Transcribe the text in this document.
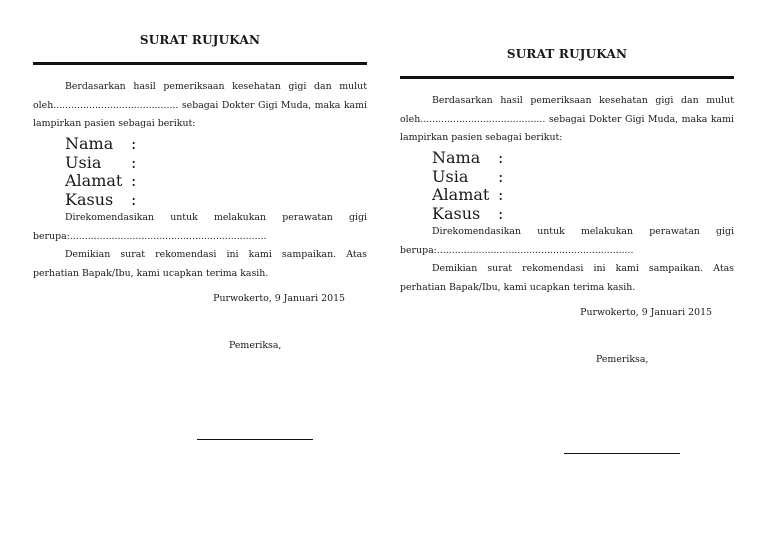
SURAT RUJUKAN
Berdasarkan hasil pemeriksaan kesehatan gigi dan mulut oleh.......................................... sebagai Dokter Gigi Muda, maka kami lampirkan pasien sebagai berikut:
Nama :
Usia :
Alamat :
Kasus :
Direkomendasikan untuk melakukan perawatan gigi berupa:..................................................................
Demikian surat rekomendasi ini kami sampaikan. Atas perhatian Bapak/Ibu, kami ucapkan terima kasih.
Purwokerto, 9 Januari 2015
Pemeriksa,
SURAT RUJUKAN
Berdasarkan hasil pemeriksaan kesehatan gigi dan mulut oleh.......................................... sebagai Dokter Gigi Muda, maka kami lampirkan pasien sebagai berikut:
Nama :
Usia :
Alamat :
Kasus :
Direkomendasikan untuk melakukan perawatan gigi berupa:..................................................................
Demikian surat rekomendasi ini kami sampaikan. Atas perhatian Bapak/Ibu, kami ucapkan terima kasih.
Purwokerto, 9 Januari 2015
Pemeriksa,
